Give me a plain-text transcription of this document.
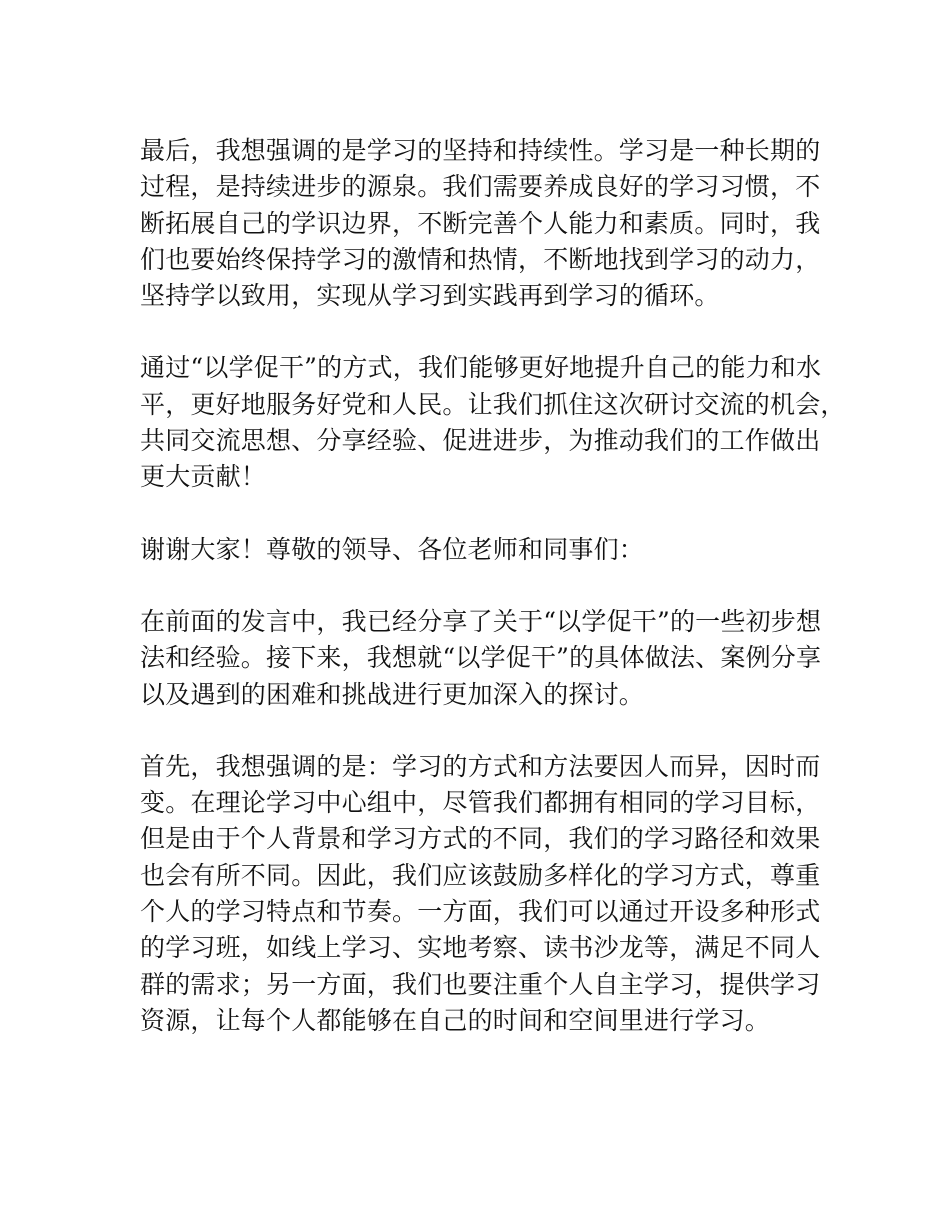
最后，我想强调的是学习的坚持和持续性。学习是一种长期的
过程，是持续进步的源泉。我们需要养成良好的学习习惯，不
断拓展自己的学识边界，不断完善个人能力和素质。同时，我
们也要始终保持学习的激情和热情，不断地找到学习的动力，
坚持学以致用，实现从学习到实践再到学习的循环。

通过“以学促干”的方式，我们能够更好地提升自己的能力和水
平，更好地服务好党和人民。让我们抓住这次研讨交流的机会，
共同交流思想、分享经验、促进进步，为推动我们的工作做出
更大贡献！

谢谢大家！尊敬的领导、各位老师和同事们：

在前面的发言中，我已经分享了关于“以学促干”的一些初步想
法和经验。接下来，我想就“以学促干”的具体做法、案例分享
以及遇到的困难和挑战进行更加深入的探讨。

首先，我想强调的是：学习的方式和方法要因人而异，因时而
变。在理论学习中心组中，尽管我们都拥有相同的学习目标，
但是由于个人背景和学习方式的不同，我们的学习路径和效果
也会有所不同。因此，我们应该鼓励多样化的学习方式，尊重
个人的学习特点和节奏。一方面，我们可以通过开设多种形式
的学习班，如线上学习、实地考察、读书沙龙等，满足不同人
群的需求；另一方面，我们也要注重个人自主学习，提供学习
资源，让每个人都能够在自己的时间和空间里进行学习。
